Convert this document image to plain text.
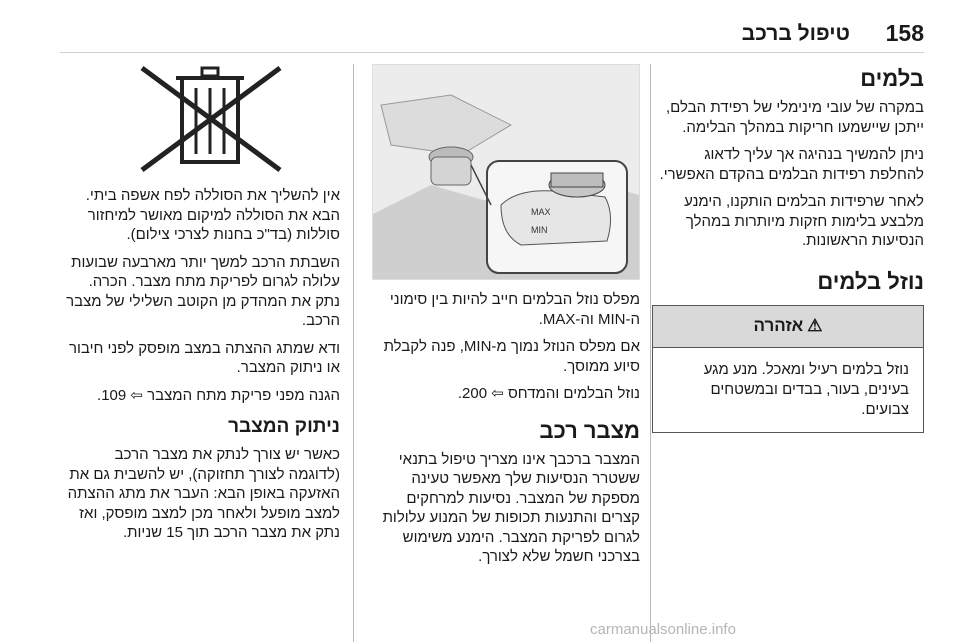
158
טיפול ברכב
בלמים

במקרה של עובי מינימלי של רפידת הבלם, ייתכן שיישמעו חריקות במהלך הבלימה.

ניתן להמשיך בנהיגה אך עליך לדאוג להחלפת רפידות הבלמים בהקדם האפשרי.

לאחר שרפידות הבלמים הותקנו, הימנע מלבצע בלימות חזקות מיותרות במהלך הנסיעות הראשונות.

נוזל בלמים
⚠
אזהרה
נוזל בלמים רעיל ומאכל. מנע מגע בעינים, בעור, בבדים ובמשטחים צבועים.
MAX
MIN

מפלס נוזל הבלמים חייב להיות בין סימוני ה-MIN וה-MAX.

אם מפלס הנוזל נמוך מ-MIN, פנה לקבלת סיוע ממוסך.

נוזל הבלמים והמדחס ⇦ 200.

מצבר רכב

המצבר ברכבך אינו מצריך טיפול בתנאי ששטרר הנסיעות שלך מאפשר טעינה מספקת של המצבר. נסיעות למרחקים קצרים והתנעות תכופות של המנוע עלולות לגרום לפריקת המצבר. הימנע משימוש בצרכני חשמל שלא לצורך.

אין להשליך את הסוללה לפח אשפה ביתי. הבא את הסוללה למיקום מאושר למיחזור סוללות (בד"כ בחנות לצרכי צילום).

השבתת הרכב למשך יותר מארבעה שבועות עלולה לגרום לפריקת מתח מצבר. הכרה. נתק את המהדק מן הקוטב השלילי של מצבר הרכב.

ודא שמתג ההצתה במצב מופסק לפני חיבור או ניתוק המצבר.

הגנה מפני פריקת מתח המצבר ⇦ 109.

ניתוק המצבר

כאשר יש צורך לנתק את מצבר הרכב (לדוגמה לצורך תחזוקה), יש להשבית גם את האזעקה באופן הבא: העבר את מתג ההצתה למצב מופעל ולאחר מכן למצב מופסק, ואז נתק את מצבר הרכב תוך 15 שניות.

carmanualsonline.info
